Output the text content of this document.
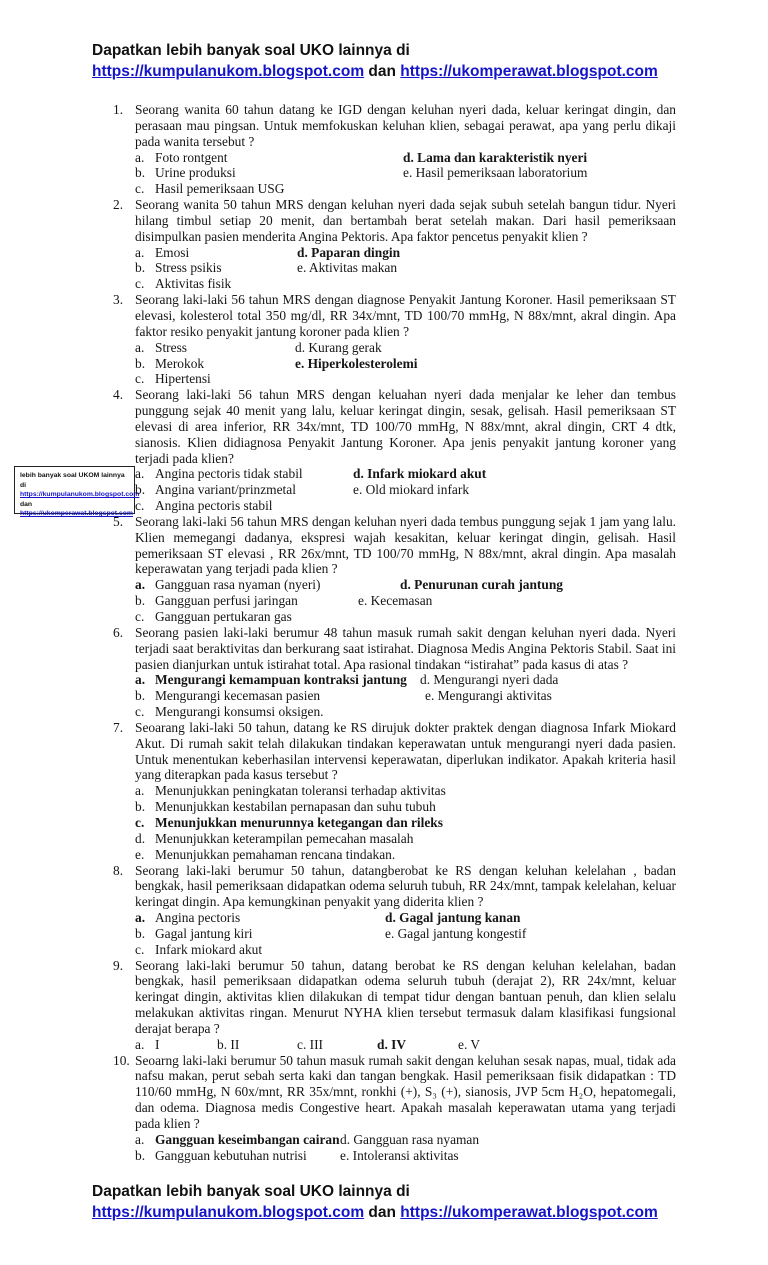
Dapatkan lebih banyak soal UKO lainnya di
https://kumpulanukom.blogspot.com dan https://ukomperawat.blogspot.com
lebih banyak soal UKOM lainnya di
https://kumpulanukom.blogspot.com
dan https://ukomperawat.blogspot.com
1. Seorang wanita 60 tahun datang ke IGD dengan keluhan nyeri dada, keluar keringat dingin, dan perasaan mau pingsan. Untuk memfokuskan keluhan klien, sebagai perawat, apa yang perlu dikaji pada wanita tersebut ?
a. Foto rontgent	d. Lama dan karakteristik nyeri
b. Urine produksi	e. Hasil pemeriksaan laboratorium
c. Hasil pemeriksaan USG
2. Seorang wanita 50 tahun MRS dengan keluhan nyeri dada sejak subuh setelah bangun tidur. Nyeri hilang timbul setiap 20 menit, dan bertambah berat setelah makan. Dari hasil pemeriksaan disimpulkan pasien menderita Angina Pektoris. Apa faktor pencetus penyakit klien ?
a. Emosi	d. Paparan dingin
b. Stress psikis	e. Aktivitas makan
c. Aktivitas fisik
3. Seorang laki-laki 56 tahun MRS dengan diagnose Penyakit Jantung Koroner. Hasil pemeriksaan ST elevasi, kolesterol total 350 mg/dl, RR 34x/mnt, TD 100/70 mmHg, N 88x/mnt, akral dingin. Apa faktor resiko penyakit jantung koroner pada klien ?
a. Stress	d. Kurang gerak
b. Merokok	e. Hiperkolesterolemi
c. Hipertensi
4. Seorang laki-laki 56 tahun MRS dengan keluahan nyeri dada menjalar ke leher dan tembus punggung sejak 40 menit yang lalu, keluar keringat dingin, sesak, gelisah. Hasil pemeriksaan ST elevasi di area inferior, RR 34x/mnt, TD 100/70 mmHg, N 88x/mnt, akral dingin, CRT 4 dtk, sianosis. Klien didiagnosa Penyakit Jantung Koroner. Apa jenis penyakit jantung koroner yang terjadi pada klien?
a. Angina pectoris tidak stabil	d. Infark miokard akut
b. Angina variant/prinzmetal	e. Old miokard infark
c. Angina pectoris stabil
5. Seorang laki-laki 56 tahun MRS dengan keluhan nyeri dada tembus punggung sejak 1 jam yang lalu. Klien memegangi dadanya, ekspresi wajah kesakitan, keluar keringat dingin, gelisah. Hasil pemeriksaan ST elevasi , RR 26x/mnt, TD 100/70 mmHg, N 88x/mnt, akral dingin. Apa masalah keperawatan yang terjadi pada klien ?
a. Gangguan rasa nyaman (nyeri)	d. Penurunan curah jantung
b. Gangguan perfusi jaringan	e. Kecemasan
c. Gangguan pertukaran gas
6. Seorang pasien laki-laki berumur 48 tahun masuk rumah sakit dengan keluhan nyeri dada. Nyeri terjadi saat beraktivitas dan berkurang saat istirahat. Diagnosa Medis Angina Pektoris Stabil. Saat ini pasien dianjurkan untuk istirahat total. Apa rasional tindakan “istirahat” pada kasus di atas ?
a. Mengurangi kemampuan kontraksi jantung d. Mengurangi nyeri dada
b. Mengurangi kecemasan pasien	e. Mengurangi aktivitas
c. Mengurangi konsumsi oksigen.
7. Seoarang laki-laki 50 tahun, datang ke RS dirujuk dokter praktek dengan diagnosa Infark Miokard Akut. Di rumah sakit telah dilakukan tindakan keperawatan untuk mengurangi nyeri dada pasien. Untuk menentukan keberhasilan intervensi keperawatan, diperlukan indikator. Apakah kriteria hasil yang diterapkan pada kasus tersebut ?
a. Menunjukkan peningkatan toleransi terhadap aktivitas
b. Menunjukkan kestabilan pernapasan dan suhu tubuh
c. Menunjukkan menurunnya ketegangan dan rileks
d. Menunjukkan keterampilan pemecahan masalah
e. Menunjukkan pemahaman rencana tindakan.
8. Seorang laki-laki berumur 50 tahun, datangberobat ke RS dengan keluhan kelelahan , badan bengkak, hasil pemeriksaan didapatkan odema seluruh tubuh, RR 24x/mnt, tampak kelelahan, keluar keringat dingin. Apa kemungkinan penyakit yang diderita klien ?
a. Angina pectoris	d. Gagal jantung kanan
b. Gagal jantung kiri	e. Gagal jantung kongestif
c. Infark miokard akut
9. Seorang laki-laki berumur 50 tahun, datang berobat ke RS dengan keluhan kelelahan, badan bengkak, hasil pemeriksaan didapatkan odema seluruh tubuh (derajat 2), RR 24x/mnt, keluar keringat dingin, aktivitas klien dilakukan di tempat tidur dengan bantuan penuh, dan klien selalu melakukan aktivitas ringan. Menurut NYHA klien tersebut termasuk dalam klasifikasi fungsional derajat berapa ?
a. I	b. II	c. III	d. IV	e. V
10. Seoarng laki-laki berumur 50 tahun masuk rumah sakit dengan keluhan sesak napas, mual, tidak ada nafsu makan, perut sebah serta kaki dan tangan bengkak. Hasil pemeriksaan fisik didapatkan : TD 110/60 mmHg, N 60x/mnt, RR 35x/mnt, ronkhi (+), S₃ (+), sianosis, JVP 5cm H₂O, hepatomegali, dan odema. Diagnosa medis Congestive heart. Apakah masalah keperawatan utama yang terjadi pada klien ?
a. Gangguan keseimbangan cairan d. Gangguan rasa nyaman
b. Gangguan kebutuhan nutrisi e. Intoleransi aktivitas
Dapatkan lebih banyak soal UKO lainnya di
https://kumpulanukom.blogspot.com dan https://ukomperawat.blogspot.com
